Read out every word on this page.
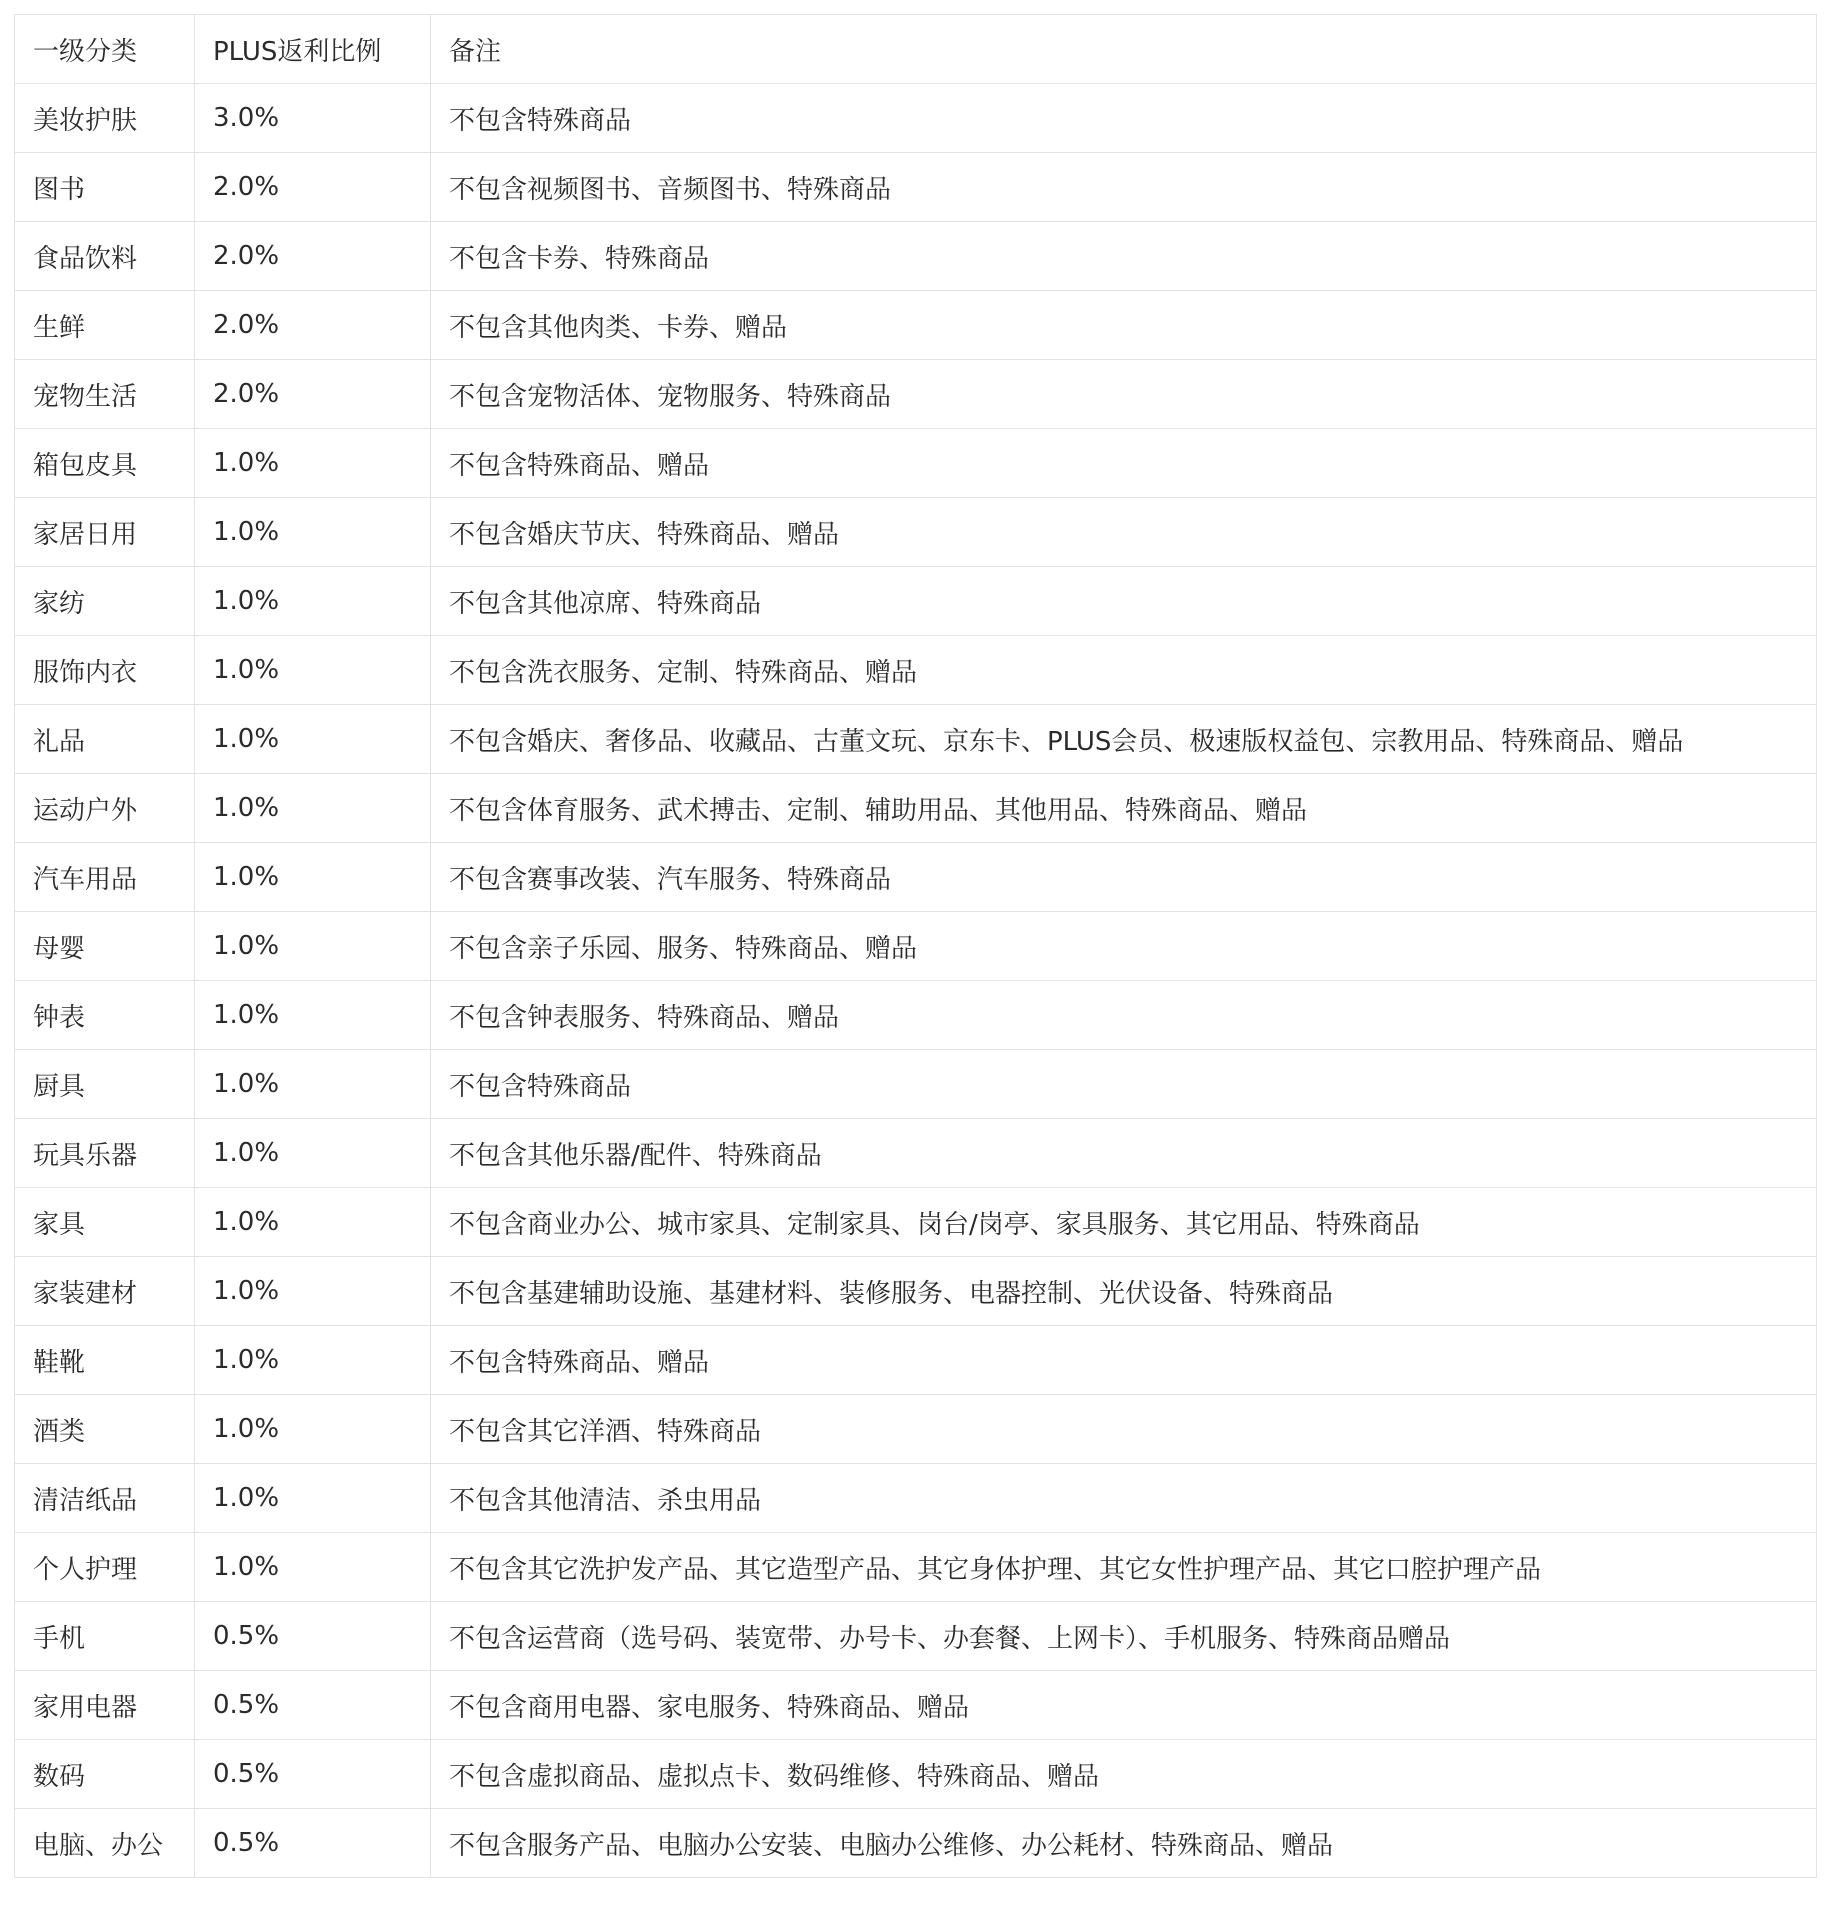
一级分类	PLUS返利比例	备注
美妆护肤	3.0%	不包含特殊商品
图书	2.0%	不包含视频图书、音频图书、特殊商品
食品饮料	2.0%	不包含卡券、特殊商品
生鲜	2.0%	不包含其他肉类、卡券、赠品
宠物生活	2.0%	不包含宠物活体、宠物服务、特殊商品
箱包皮具	1.0%	不包含特殊商品、赠品
家居日用	1.0%	不包含婚庆节庆、特殊商品、赠品
家纺	1.0%	不包含其他凉席、特殊商品
服饰内衣	1.0%	不包含洗衣服务、定制、特殊商品、赠品
礼品	1.0%	不包含婚庆、奢侈品、收藏品、古董文玩、京东卡、PLUS会员、极速版权益包、宗教用品、特殊商品、赠品
运动户外	1.0%	不包含体育服务、武术搏击、定制、辅助用品、其他用品、特殊商品、赠品
汽车用品	1.0%	不包含赛事改装、汽车服务、特殊商品
母婴	1.0%	不包含亲子乐园、服务、特殊商品、赠品
钟表	1.0%	不包含钟表服务、特殊商品、赠品
厨具	1.0%	不包含特殊商品
玩具乐器	1.0%	不包含其他乐器/配件、特殊商品
家具	1.0%	不包含商业办公、城市家具、定制家具、岗台/岗亭、家具服务、其它用品、特殊商品
家装建材	1.0%	不包含基建辅助设施、基建材料、装修服务、电器控制、光伏设备、特殊商品
鞋靴	1.0%	不包含特殊商品、赠品
酒类	1.0%	不包含其它洋酒、特殊商品
清洁纸品	1.0%	不包含其他清洁、杀虫用品
个人护理	1.0%	不包含其它洗护发产品、其它造型产品、其它身体护理、其它女性护理产品、其它口腔护理产品
手机	0.5%	不包含运营商（选号码、装宽带、办号卡、办套餐、上网卡）、手机服务、特殊商品赠品
家用电器	0.5%	不包含商用电器、家电服务、特殊商品、赠品
数码	0.5%	不包含虚拟商品、虚拟点卡、数码维修、特殊商品、赠品
电脑、办公	0.5%	不包含服务产品、电脑办公安装、电脑办公维修、办公耗材、特殊商品、赠品
